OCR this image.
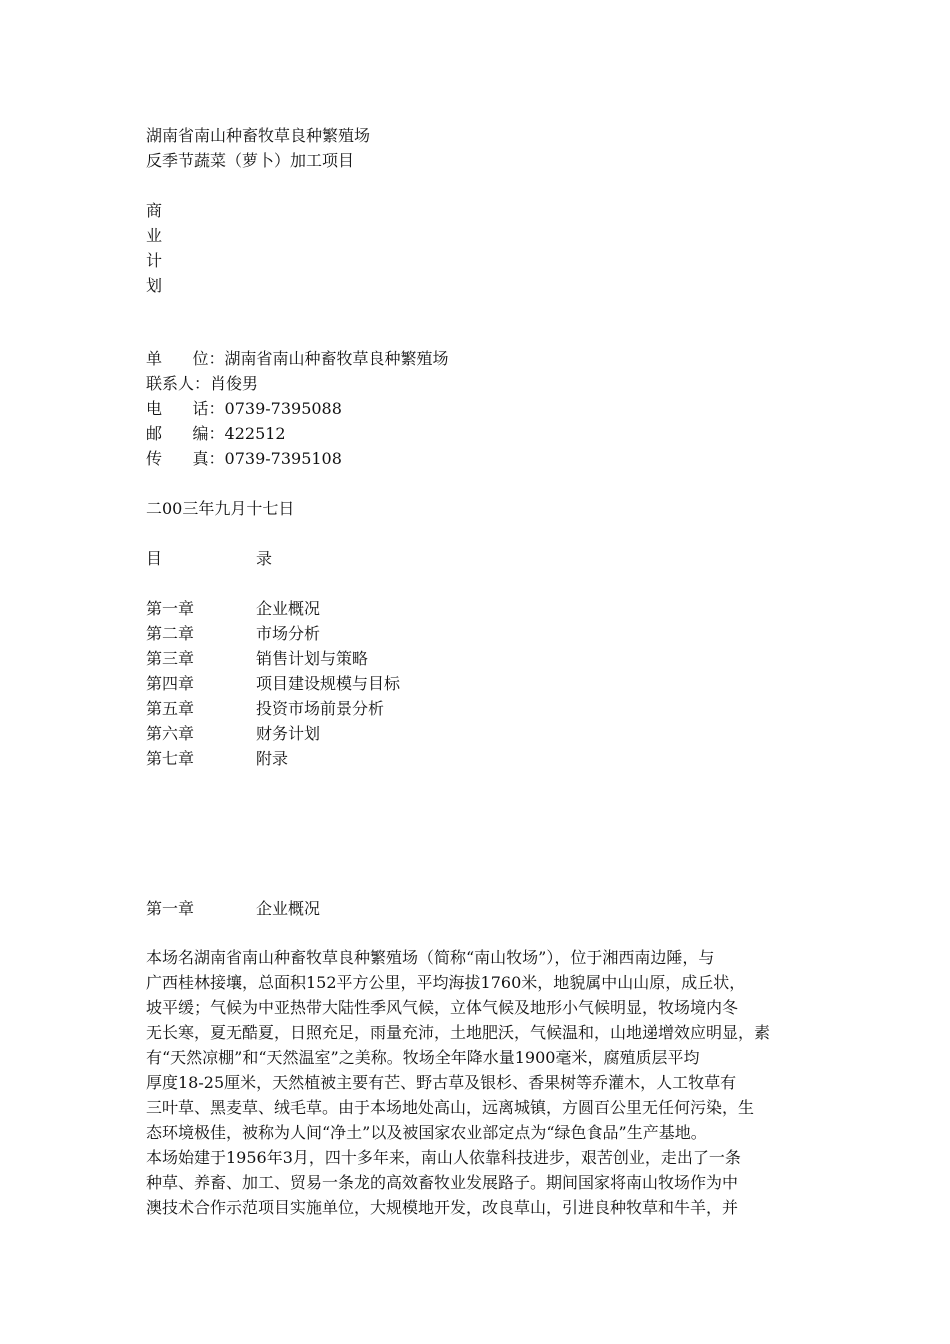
湖南省南山种畜牧草良种繁殖场
反季节蔬菜（萝卜）加工项目
商
业
计
划
单      位：湖南省南山种畜牧草良种繁殖场
联系人：肖俊男
电      话：0739-7395088
邮      编：422512
传      真：0739-7395108
二00三年九月十七日
目	录
第一章	企业概况
第二章	市场分析
第三章	销售计划与策略
第四章	项目建设规模与目标
第五章	投资市场前景分析
第六章	财务计划
第七章	附录
第一章	企业概况
本场名湖南省南山种畜牧草良种繁殖场（简称“南山牧场”），位于湘西南边陲，与
广西桂林接壤，总面积152平方公里，平均海拔1760米，地貌属中山山原，成丘状，
坡平缓；气候为中亚热带大陆性季风气候，立体气候及地形小气候明显，牧场境内冬
无长寒，夏无酷夏，日照充足，雨量充沛，土地肥沃，气候温和，山地递增效应明显，素
有“天然凉棚”和“天然温室”之美称。牧场全年降水量1900毫米，腐殖质层平均
厚度18-25厘米，天然植被主要有芒、野古草及银杉、香果树等乔灌木，人工牧草有
三叶草、黑麦草、绒毛草。由于本场地处高山，远离城镇，方圆百公里无任何污染，生
态环境极佳，被称为人间“净土”以及被国家农业部定点为“绿色食品”生产基地。
本场始建于1956年3月，四十多年来，南山人依靠科技进步，艰苦创业，走出了一条
种草、养畜、加工、贸易一条龙的高效畜牧业发展路子。期间国家将南山牧场作为中
澳技术合作示范项目实施单位，大规模地开发，改良草山，引进良种牧草和牛羊，并
